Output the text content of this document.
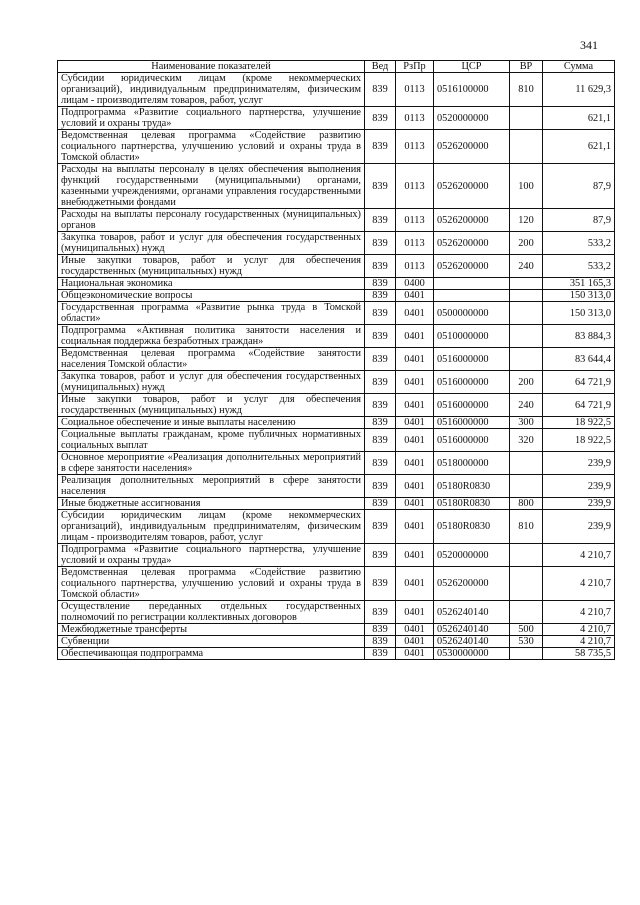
341
Наименование показателей	Вед	РзПр	ЦСР	ВР	Сумма
Субсидии юридическим лицам (кроме некоммерческих организаций), индивидуальным предпринимателям, физическим лицам - производителям товаров, работ, услуг	839	0113	0516100000	810	11 629,3
Подпрограмма «Развитие социального партнерства, улучшение условий и охраны труда»	839	0113	0520000000		621,1
Ведомственная целевая программа «Содействие развитию социального партнерства, улучшению условий и охраны труда в Томской области»	839	0113	0526200000		621,1
Расходы на выплаты персоналу в целях обеспечения выполнения функций государственными (муниципальными) органами, казенными учреждениями, органами управления государственными внебюджетными фондами	839	0113	0526200000	100	87,9
Расходы на выплаты персоналу государственных (муниципальных) органов	839	0113	0526200000	120	87,9
Закупка товаров, работ и услуг для обеспечения государственных (муниципальных) нужд	839	0113	0526200000	200	533,2
Иные закупки товаров, работ и услуг для обеспечения государственных (муниципальных) нужд	839	0113	0526200000	240	533,2
Национальная экономика	839	0400			351 165,3
Общеэкономические вопросы	839	0401			150 313,0
Государственная программа «Развитие рынка труда в Томской области»	839	0401	0500000000		150 313,0
Подпрограмма «Активная политика занятости населения и социальная поддержка безработных граждан»	839	0401	0510000000		83 884,3
Ведомственная целевая программа «Содействие занятости населения Томской области»	839	0401	0516000000		83 644,4
Закупка товаров, работ и услуг для обеспечения государственных (муниципальных) нужд	839	0401	0516000000	200	64 721,9
Иные закупки товаров, работ и услуг для обеспечения государственных (муниципальных) нужд	839	0401	0516000000	240	64 721,9
Социальное обеспечение и иные выплаты населению	839	0401	0516000000	300	18 922,5
Социальные выплаты гражданам, кроме публичных нормативных социальных выплат	839	0401	0516000000	320	18 922,5
Основное мероприятие «Реализация дополнительных мероприятий в сфере занятости населения»	839	0401	0518000000		239,9
Реализация дополнительных мероприятий в сфере занятости населения	839	0401	05180R0830		239,9
Иные бюджетные ассигнования	839	0401	05180R0830	800	239,9
Субсидии юридическим лицам (кроме некоммерческих организаций), индивидуальным предпринимателям, физическим лицам - производителям товаров, работ, услуг	839	0401	05180R0830	810	239,9
Подпрограмма «Развитие социального партнерства, улучшение условий и охраны труда»	839	0401	0520000000		4 210,7
Ведомственная целевая программа «Содействие развитию социального партнерства, улучшению условий и охраны труда в Томской области»	839	0401	0526200000		4 210,7
Осуществление переданных отдельных государственных полномочий по регистрации коллективных договоров	839	0401	0526240140		4 210,7
Межбюджетные трансферты	839	0401	0526240140	500	4 210,7
Субвенции	839	0401	0526240140	530	4 210,7
Обеспечивающая подпрограмма	839	0401	0530000000		58 735,5
